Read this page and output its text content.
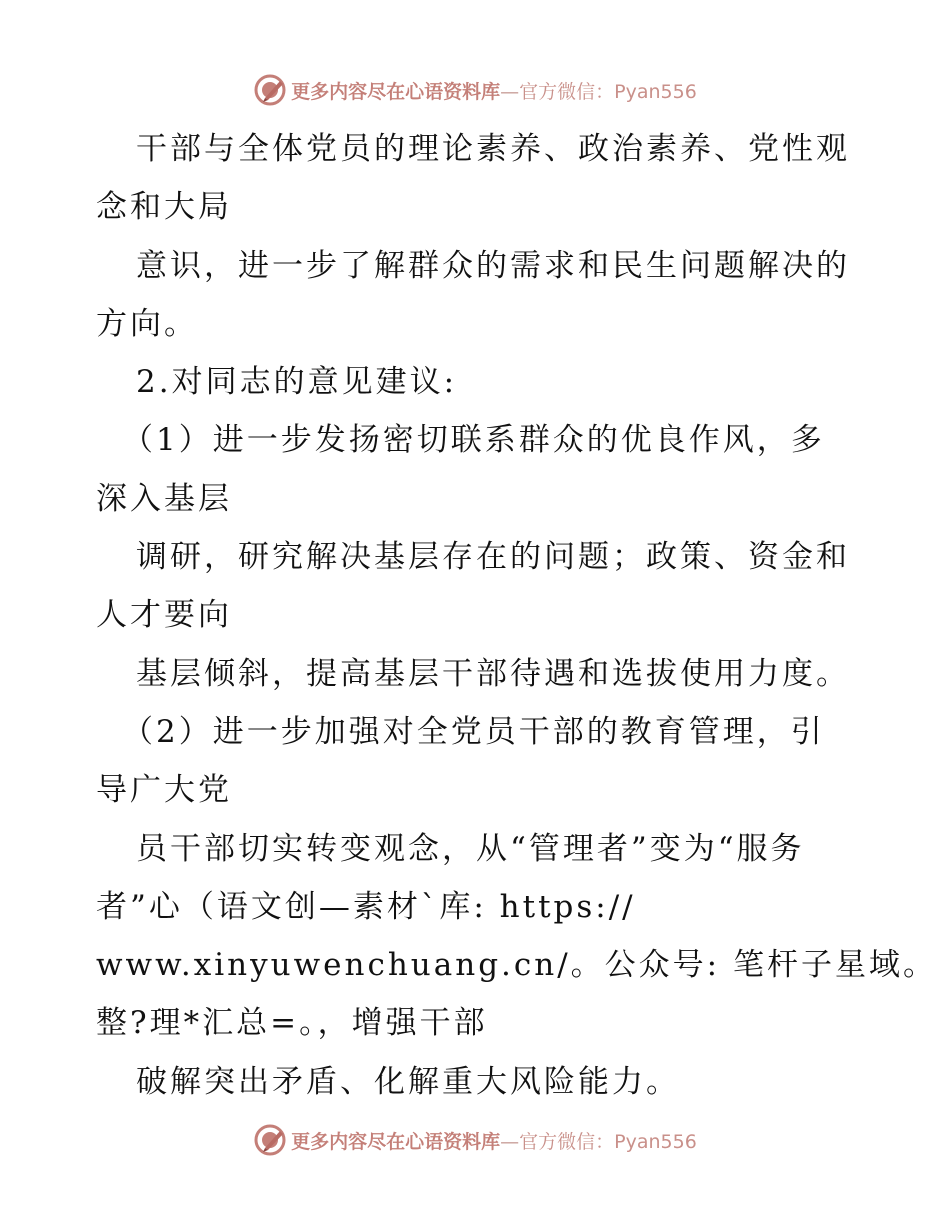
更多内容尽在心语资料库—官方微信：Pyan556
干部与全体党员的理论素养、政治素养、党性观
念和大局
意识，进一步了解群众的需求和民生问题解决的
方向。
2.对同志的意见建议:
（1）进一步发扬密切联系群众的优良作风，多
深入基层
调研，研究解决基层存在的问题；政策、资金和
人才要向
基层倾斜，提高基层干部待遇和选拔使用力度。
（2）进一步加强对全党员干部的教育管理，引
导广大党
员干部切实转变观念，从“管理者”变为“服务
者”心（语文创—素材`库: https://
www.xinyuwenchuang.cn/。公众号: 笔杆子星域。
整?理*汇总=。，增强干部
破解突出矛盾、化解重大风险能力。
更多内容尽在心语资料库—官方微信：Pyan556
